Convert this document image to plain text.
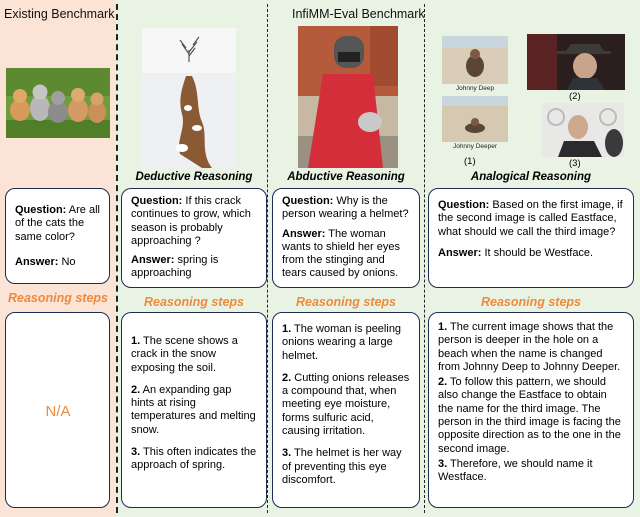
Existing Benchmark	InfiMM-Eval Benchmark
Johnny Deep
Johnny Deeper
(1)
(2)
(3)
Deductive Reasoning	Abductive Reasoning	Analogical Reasoning

Question: Are all of the cats the same color?

Answer: No

Question: If this crack continues to grow, which season is probably approaching ?

Answer: spring is approaching

Question: Why is the person wearing a helmet?

Answer: The woman wants to shield her eyes from the stinging and tears caused by onions.

Question: Based on the first image, if the second image is called Eastface, what should we call the third image?

Answer: It should be Westface.

Reasoning steps	Reasoning steps	Reasoning steps	Reasoning steps
N/A

1. The scene shows a crack in the snow exposing the soil.

2. An expanding gap hints at rising temperatures and melting snow.

3. This often indicates the approach of spring.

1. The woman is peeling onions wearing a large helmet.

2. Cutting onions releases a compound that, when meeting eye moisture, forms sulfuric acid, causing irritation.

3. The helmet is her way of preventing this eye discomfort.

1. The current image shows that the person is deeper in the hole on a beach when the name is changed from Johnny Deep to Johnny Deeper.

2. To follow this pattern, we should also change the Eastface to obtain the name for the third image. The person in the third image is facing the opposite direction as to the one in the second image.

3. Therefore, we should name it Westface.
